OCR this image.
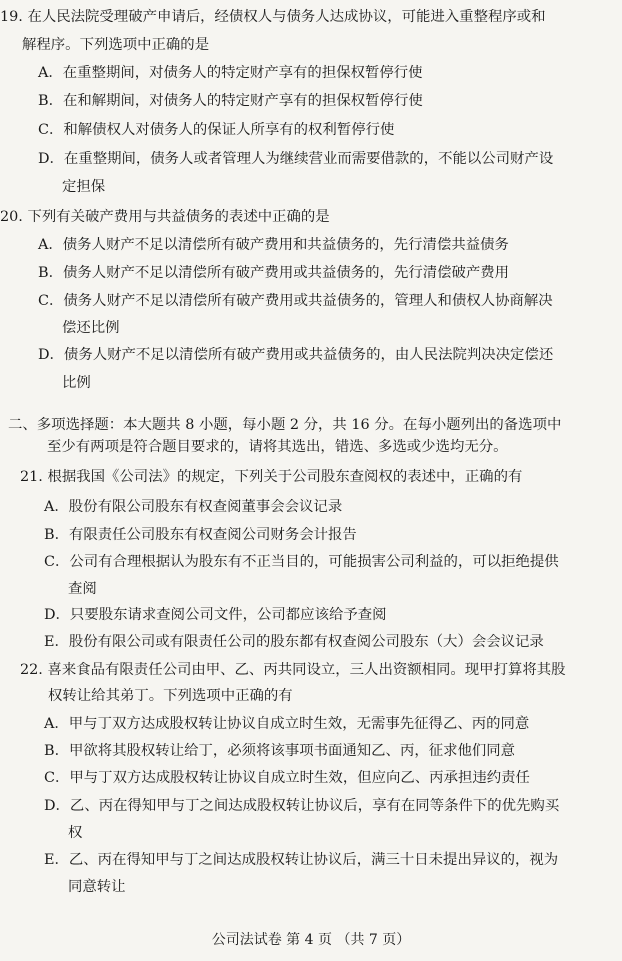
19. 在人民法院受理破产申请后，经债权人与债务人达成协议，可能进入重整程序或和
解程序。下列选项中正确的是
A．在重整期间，对债务人的特定财产享有的担保权暂停行使
B．在和解期间，对债务人的特定财产享有的担保权暂停行使
C．和解债权人对债务人的保证人所享有的权利暂停行使
D．在重整期间，债务人或者管理人为继续营业而需要借款的，不能以公司财产设
定担保
20. 下列有关破产费用与共益债务的表述中正确的是
A．债务人财产不足以清偿所有破产费用和共益债务的，先行清偿共益债务
B．债务人财产不足以清偿所有破产费用或共益债务的，先行清偿破产费用
C．债务人财产不足以清偿所有破产费用或共益债务的，管理人和债权人协商解决
偿还比例
D．债务人财产不足以清偿所有破产费用或共益债务的，由人民法院判决决定偿还
比例
二、多项选择题：本大题共 8 小题，每小题 2 分，共 16 分。在每小题列出的备选项中
至少有两项是符合题目要求的，请将其选出，错选、多选或少选均无分。
21. 根据我国《公司法》的规定，下列关于公司股东查阅权的表述中，正确的有
A．股份有限公司股东有权查阅董事会会议记录
B．有限责任公司股东有权查阅公司财务会计报告
C．公司有合理根据认为股东有不正当目的，可能损害公司利益的，可以拒绝提供
查阅
D．只要股东请求查阅公司文件，公司都应该给予查阅
E．股份有限公司或有限责任公司的股东都有权查阅公司股东（大）会会议记录
22. 喜来食品有限责任公司由甲、乙、丙共同设立，三人出资额相同。现甲打算将其股
权转让给其弟丁。下列选项中正确的有
A．甲与丁双方达成股权转让协议自成立时生效，无需事先征得乙、丙的同意
B．甲欲将其股权转让给丁，必须将该事项书面通知乙、丙，征求他们同意
C．甲与丁双方达成股权转让协议自成立时生效，但应向乙、丙承担违约责任
D．乙、丙在得知甲与丁之间达成股权转让协议后，享有在同等条件下的优先购买
权
E．乙、丙在得知甲与丁之间达成股权转让协议后，满三十日未提出异议的，视为
同意转让
公司法试卷 第 4 页 （共 7 页）
